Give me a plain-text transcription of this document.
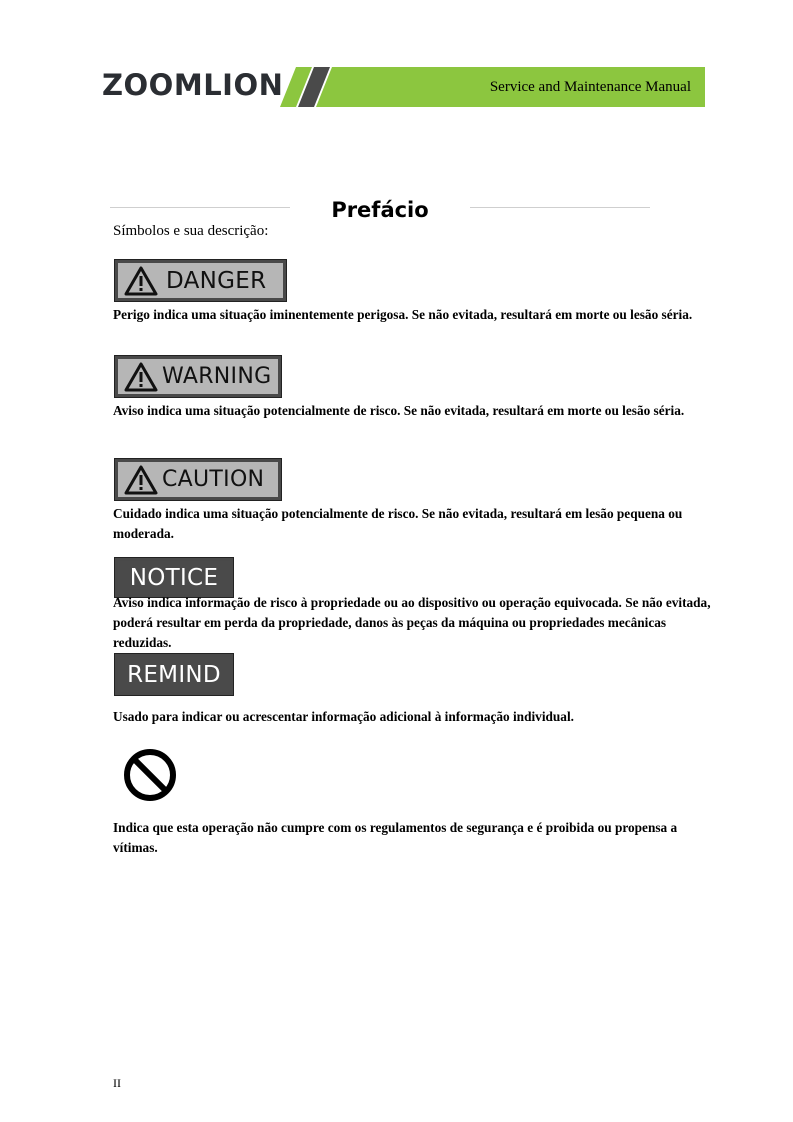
ZOOMLION	Service and Maintenance Manual
Prefácio
Símbolos e sua descrição:
DANGER
Perigo indica uma situação iminentemente perigosa. Se não evitada, resultará em morte ou lesão séria.
WARNING
Aviso indica uma situação potencialmente de risco. Se não evitada, resultará em morte ou lesão séria.
CAUTION
Cuidado indica uma situação potencialmente de risco. Se não evitada, resultará em lesão pequena ou moderada.
NOTICE
Aviso indica informação de risco à propriedade ou ao dispositivo ou operação equivocada. Se não evitada, poderá resultar em perda da propriedade, danos às peças da máquina ou propriedades mecânicas reduzidas.
REMIND
Usado para indicar ou acrescentar informação adicional à informação individual.
Indica que esta operação não cumpre com os regulamentos de segurança e é proibida ou propensa a vítimas.
II
